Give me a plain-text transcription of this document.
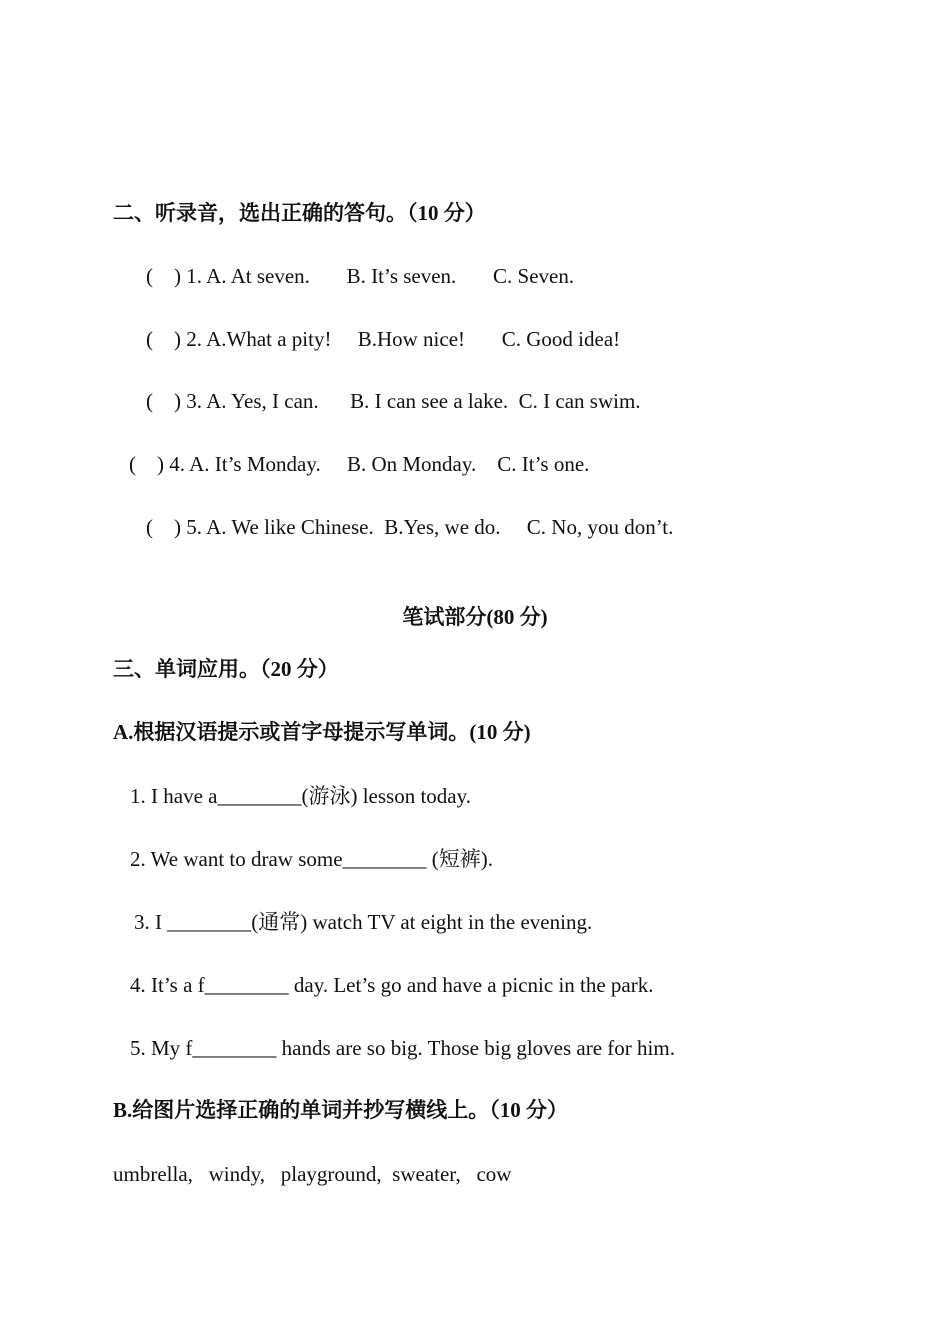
二、听录音，选出正确的答句。（10 分）
(    ) 1. A. At seven.       B. It’s seven.       C. Seven.
(    ) 2. A.What a pity!     B.How nice!       C. Good idea!
(    ) 3. A. Yes, I can.      B. I can see a lake.  C. I can swim.
(    ) 4. A. It’s Monday.     B. On Monday.    C. It’s one.
(    ) 5. A. We like Chinese.  B.Yes, we do.     C. No, you don’t.
笔试部分(80 分)
三、单词应用。（20 分）
A.根据汉语提示或首字母提示写单词。(10 分)
1. I have a________(游泳) lesson today.
2. We want to draw some________ (短裤).
3. I ________(通常) watch TV at eight in the evening.
4. It’s a f________ day. Let’s go and have a picnic in the park.
5. My f________ hands are so big. Those big gloves are for him.
B.给图片选择正确的单词并抄写横线上。（10 分）
umbrella,   windy,   playground,  sweater,   cow
